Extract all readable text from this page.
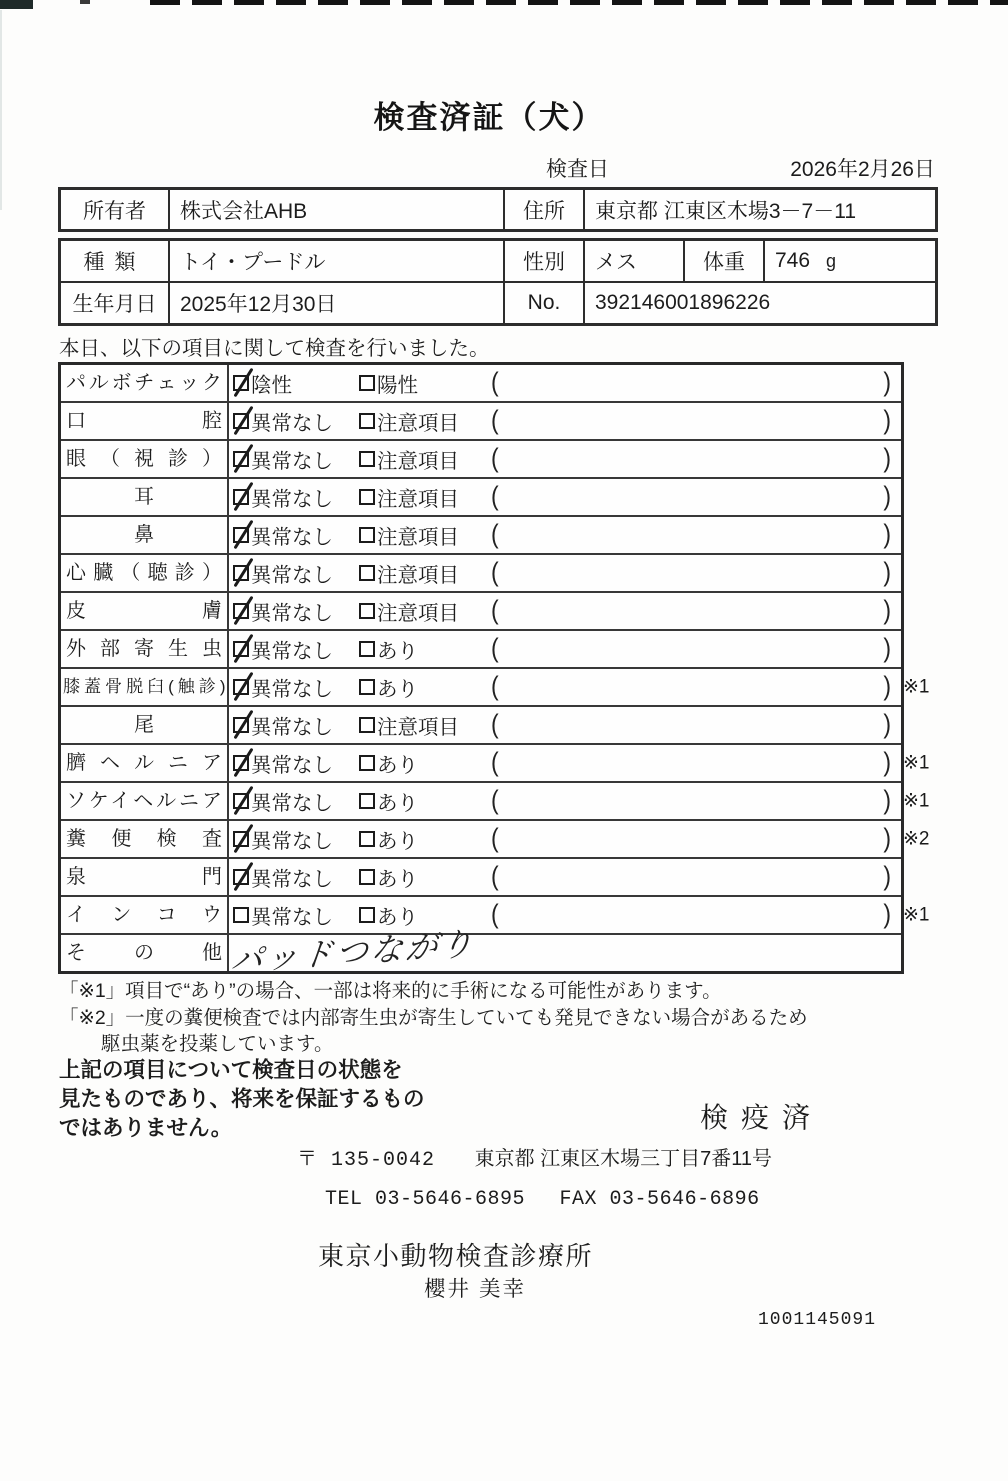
検査済証（犬）
検査日	2026年2月26日
所有者	株式会社AHB	住所	東京都 江東区木場3－7－11
種類	トイ・プードル	性別	メス	体重	746 g
生年月日	2025年12月30日	No.	392146001896226
本日、以下の項目に関して検査を行いました。
パルボチェック	陰性	陽性	(	)
口腔	異常なし 注意項目 (	)
眼（視診）	異常なし 注意項目 (	)
耳	異常なし 注意項目 (	)
鼻	異常なし 注意項目 (	)
心臓（聴診）	異常なし 注意項目 (	)
皮膚	異常なし 注意項目 (	)
外部寄生虫	異常なし あり	(	)
膝蓋骨脱臼(触診) 異常なし あり	(	) ※1
尾	異常なし 注意項目 (	)
臍ヘルニア	異常なし あり	(	) ※1
ソケイヘルニア	異常なし あり	(	) ※1
糞便検査	異常なし あり	(	) ※2
泉門	異常なし あり	(	)
インコウ	異常なし あり	(	) ※1
その他 パッドつながり
「※1」項目で“あり”の場合、一部は将来的に手術になる可能性があります。
「※2」一度の糞便検査では内部寄生虫が寄生していても発見できない場合があるため
駆虫薬を投薬しています。
上記の項目について検査日の状態を
見たものであり、将来を保証するもの
ではありません。	検疫済
〒 135-0042 東京都 江東区木場三丁目7番11号
TEL 03-5646-6895 FAX 03-5646-6896
東京小動物検査診療所
櫻井 美幸
1001145091
